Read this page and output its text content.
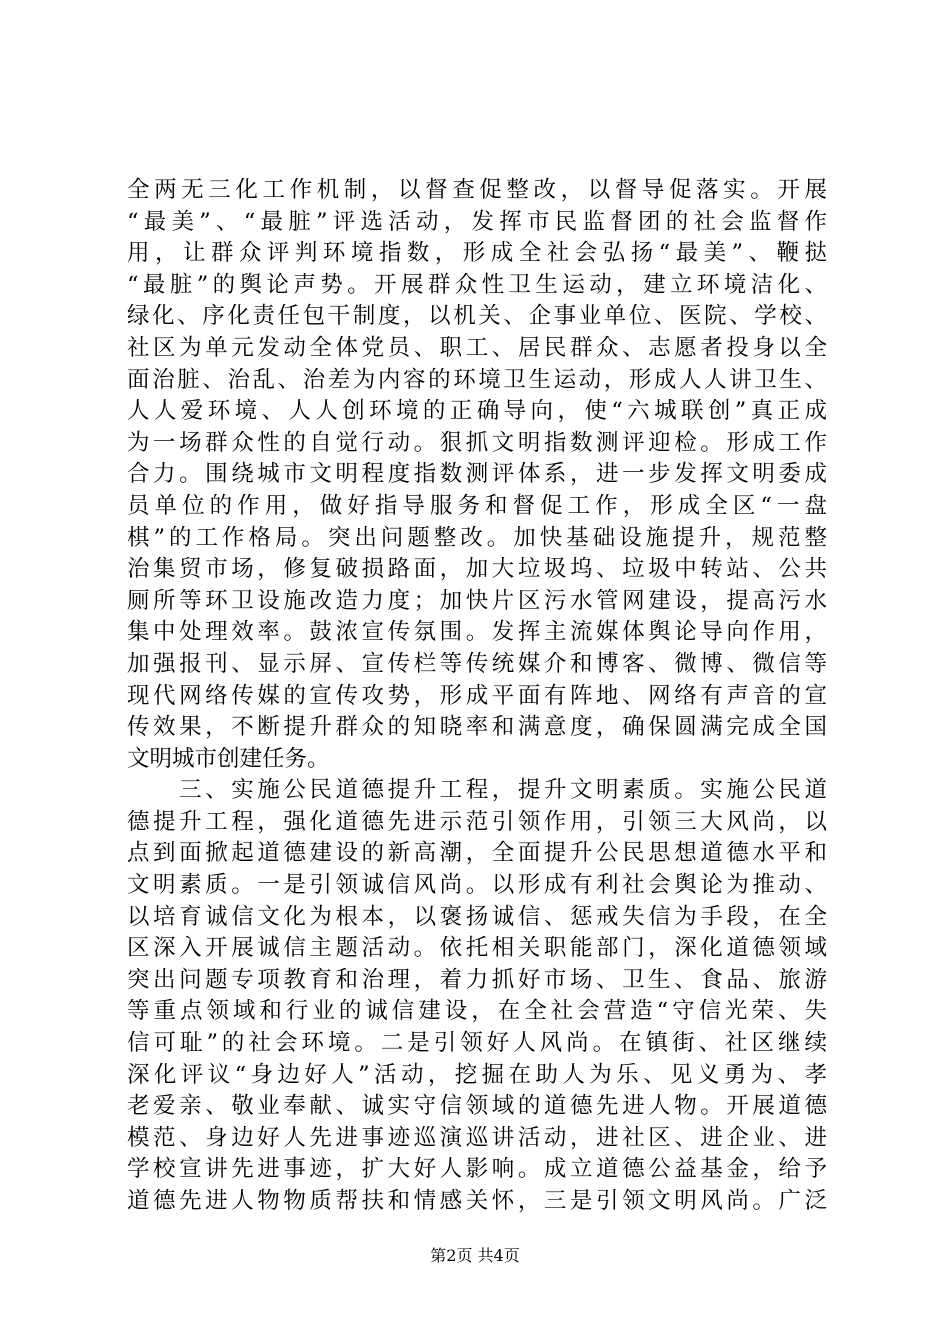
全两无三化工作机制，以督查促整改，以督导促落实。开展
“最美”、“最脏”评选活动，发挥市民监督团的社会监督作
用，让群众评判环境指数，形成全社会弘扬“最美”、鞭挞
“最脏”的舆论声势。开展群众性卫生运动，建立环境洁化、
绿化、序化责任包干制度，以机关、企事业单位、医院、学校、
社区为单元发动全体党员、职工、居民群众、志愿者投身以全
面治脏、治乱、治差为内容的环境卫生运动，形成人人讲卫生、
人人爱环境、人人创环境的正确导向，使“六城联创”真正成
为一场群众性的自觉行动。狠抓文明指数测评迎检。形成工作
合力。围绕城市文明程度指数测评体系，进一步发挥文明委成
员单位的作用，做好指导服务和督促工作，形成全区“一盘
棋”的工作格局。突出问题整改。加快基础设施提升，规范整
治集贸市场，修复破损路面，加大垃圾坞、垃圾中转站、公共
厕所等环卫设施改造力度；加快片区污水管网建设，提高污水
集中处理效率。鼓浓宣传氛围。发挥主流媒体舆论导向作用，
加强报刊、显示屏、宣传栏等传统媒介和博客、微博、微信等
现代网络传媒的宣传攻势，形成平面有阵地、网络有声音的宣
传效果，不断提升群众的知晓率和满意度，确保圆满完成全国
文明城市创建任务。
　　三、实施公民道德提升工程，提升文明素质。实施公民道
德提升工程，强化道德先进示范引领作用，引领三大风尚，以
点到面掀起道德建设的新高潮，全面提升公民思想道德水平和
文明素质。一是引领诚信风尚。以形成有利社会舆论为推动、
以培育诚信文化为根本，以褒扬诚信、惩戒失信为手段，在全
区深入开展诚信主题活动。依托相关职能部门，深化道德领域
突出问题专项教育和治理，着力抓好市场、卫生、食品、旅游
等重点领域和行业的诚信建设，在全社会营造“守信光荣、失
信可耻”的社会环境。二是引领好人风尚。在镇街、社区继续
深化评议“身边好人”活动，挖掘在助人为乐、见义勇为、孝
老爱亲、敬业奉献、诚实守信领域的道德先进人物。开展道德
模范、身边好人先进事迹巡演巡讲活动，进社区、进企业、进
学校宣讲先进事迹，扩大好人影响。成立道德公益基金，给予
道德先进人物物质帮扶和情感关怀，三是引领文明风尚。广泛
第2页 共4页
